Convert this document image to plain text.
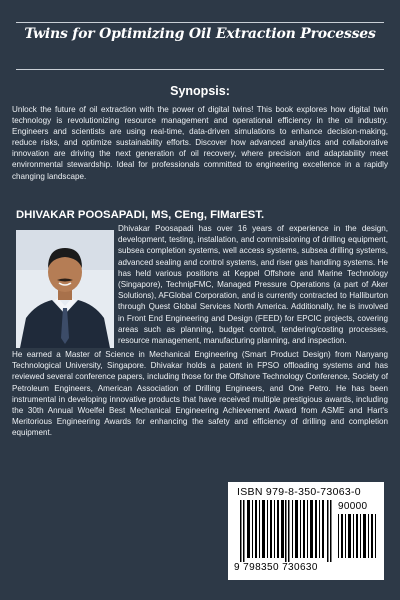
Twins for Optimizing Oil Extraction Processes
Synopsis:
Unlock the future of oil extraction with the power of digital twins! This book explores how digital twin technology is revolutionizing resource management and operational efficiency in the oil industry. Engineers and scientists are using real-time, data-driven simulations to enhance decision-making, reduce risks, and optimize sustainability efforts. Discover how advanced analytics and collaborative innovation are driving the next generation of oil recovery, where precision and adaptability meet environmental stewardship. Ideal for professionals committed to engineering excellence in a rapidly changing landscape.
DHIVAKAR POOSAPADI, MS, CEng, FIMarEST.
Dhivakar Poosapadi has over 16 years of experience in the design, development, testing, installation, and commissioning of drilling equipment, subsea completion systems, well access systems, subsea drilling systems, advanced sealing and control systems, and riser gas handling systems. He has held various positions at Keppel Offshore and Marine Technology (Singapore), TechnipFMC, Managed Pressure Operations (a part of Aker Solutions), AFGlobal Corporation, and is currently contracted to Halliburton through Quest Global Services North America. Additionally, he is involved in Front End Engineering and Design (FEED) for EPCIC projects, covering areas such as planning, budget control, tendering/costing processes, resource management, manufacturing planning, and inspection.
He earned a Master of Science in Mechanical Engineering (Smart Product Design) from Nanyang Technological University, Singapore. Dhivakar holds a patent in FPSO offloading systems and has reviewed several conference papers, including those for the Offshore Technology Conference, Society of Petroleum Engineers, American Association of Drilling Engineers, and One Petro. He has been instrumental in developing innovative products that have received multiple prestigious awards, including the 30th Annual Woelfel Best Mechanical Engineering Achievement Award from ASME and Hart's Meritorious Engineering Awards for enhancing the safety and efficiency of drilling and completion equipment.
ISBN 979-8-350-73063-0
90000
9 798350 730630
